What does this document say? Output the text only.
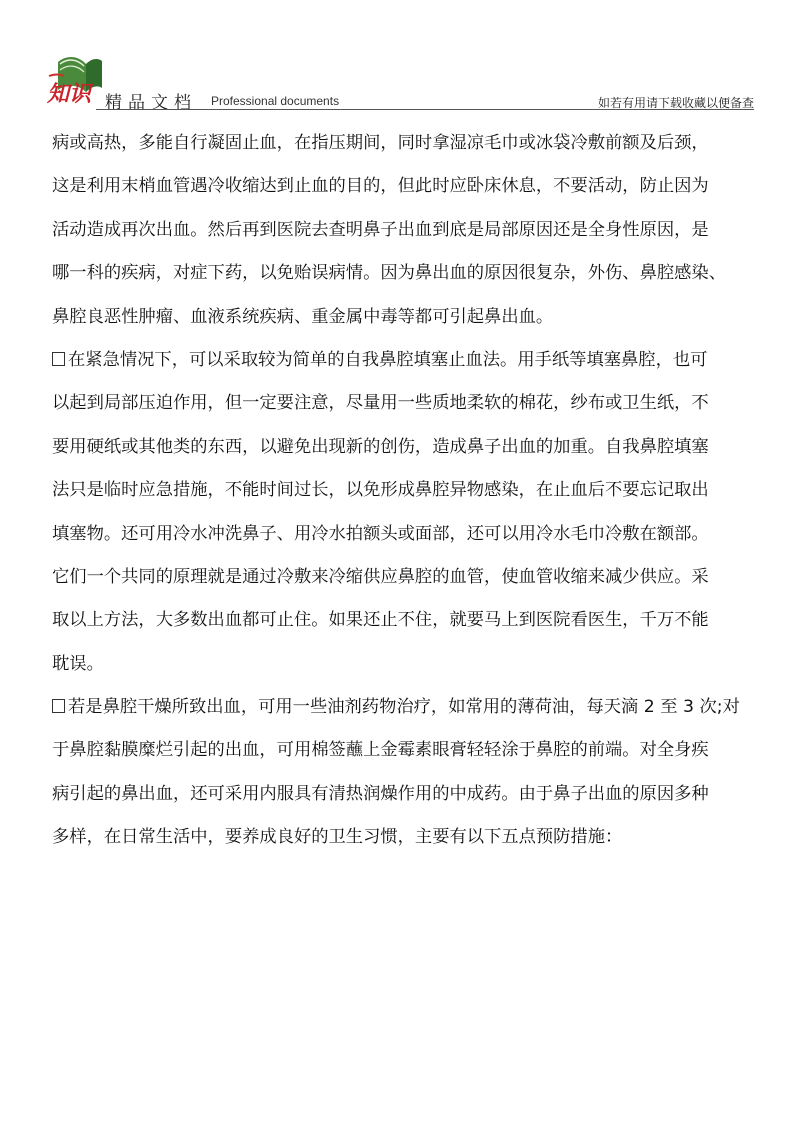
知识 精品文档 Professional documents	如若有用请下载收藏以便备查
病或高热，多能自行凝固止血，在指压期间，同时拿湿凉毛巾或冰袋冷敷前额及后颈，
这是利用末梢血管遇冷收缩达到止血的目的，但此时应卧床休息，不要活动，防止因为
活动造成再次出血。然后再到医院去查明鼻子出血到底是局部原因还是全身性原因，是
哪一科的疾病，对症下药，以免贻误病情。因为鼻出血的原因很复杂，外伤、鼻腔感染、
鼻腔良恶性肿瘤、血液系统疾病、重金属中毒等都可引起鼻出血。
在紧急情况下，可以采取较为简单的自我鼻腔填塞止血法。用手纸等填塞鼻腔，也可
以起到局部压迫作用，但一定要注意，尽量用一些质地柔软的棉花，纱布或卫生纸，不
要用硬纸或其他类的东西，以避免出现新的创伤，造成鼻子出血的加重。自我鼻腔填塞
法只是临时应急措施，不能时间过长，以免形成鼻腔异物感染，在止血后不要忘记取出
填塞物。还可用冷水冲洗鼻子、用冷水拍额头或面部，还可以用冷水毛巾冷敷在额部。
它们一个共同的原理就是通过冷敷来冷缩供应鼻腔的血管，使血管收缩来减少供应。采
取以上方法，大多数出血都可止住。如果还止不住，就要马上到医院看医生，千万不能
耽误。
若是鼻腔干燥所致出血，可用一些油剂药物治疗，如常用的薄荷油，每天滴 2 至 3 次;对
于鼻腔黏膜糜烂引起的出血，可用棉签蘸上金霉素眼膏轻轻涂于鼻腔的前端。对全身疾
病引起的鼻出血，还可采用内服具有清热润燥作用的中成药。由于鼻子出血的原因多种
多样，在日常生活中，要养成良好的卫生习惯，主要有以下五点预防措施：
